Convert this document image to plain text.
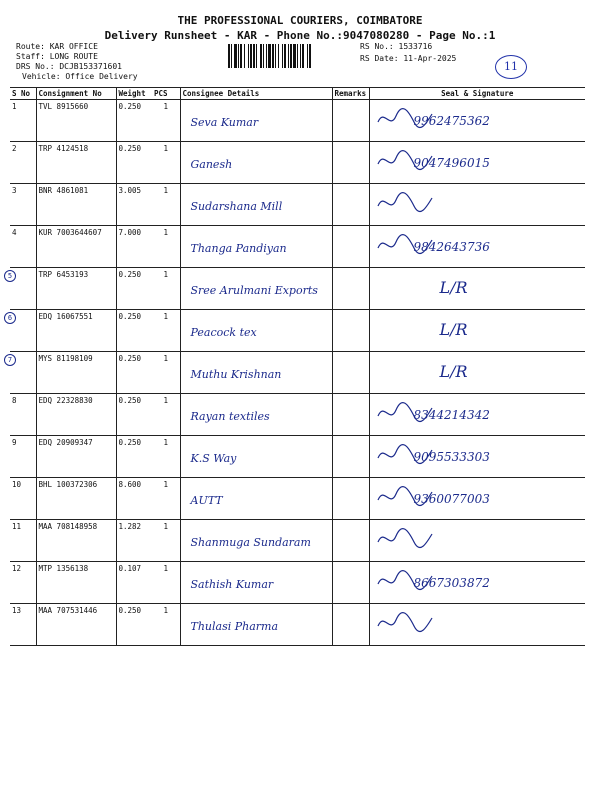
THE PROFESSIONAL COURIERS, COIMBATORE
Delivery Runsheet - KAR - Phone No.:9047080280 - Page No.:1
Route: KAR OFFICE
Staff: LONG ROUTE
DRS No.: DCJB153371601
Vehicle: Office Delivery
RS No.: 1533716
RS Date: 11-Apr-2025
11
S No	Consignment No	Weight	PCS	Consignee Details	Remarks	Seal & Signature
1	TVL 8915660	0.250	1	Seva Kumar		9962475362

2	TRP 4124518	0.250	1	Ganesh		9047496015

3	BNR 4861081	3.005	1	Sudarshana Mill

4	KUR 7003644607	7.000	1	Thanga Pandiyan		9842643736

5	TRP 6453193	0.250	1	Sree Arulmani Exports		L/R

6	EDQ 16067551	0.250	1	Peacock tex		L/R

7	MYS 81198109	0.250	1	Muthu Krishnan		L/R

8	EDQ 22328830	0.250	1	Rayan textiles		8344214342

9	EDQ 20909347	0.250	1	K.S Way		9095533303

10	BHL 100372306	8.600	1	AUTT		9360077003

11	MAA 708148958	1.282	1	Shanmuga Sundaram

12	MTP 1356138	0.107	1	Sathish Kumar		8667303872

13	MAA 707531446	0.250	1	Thulasi Pharma
